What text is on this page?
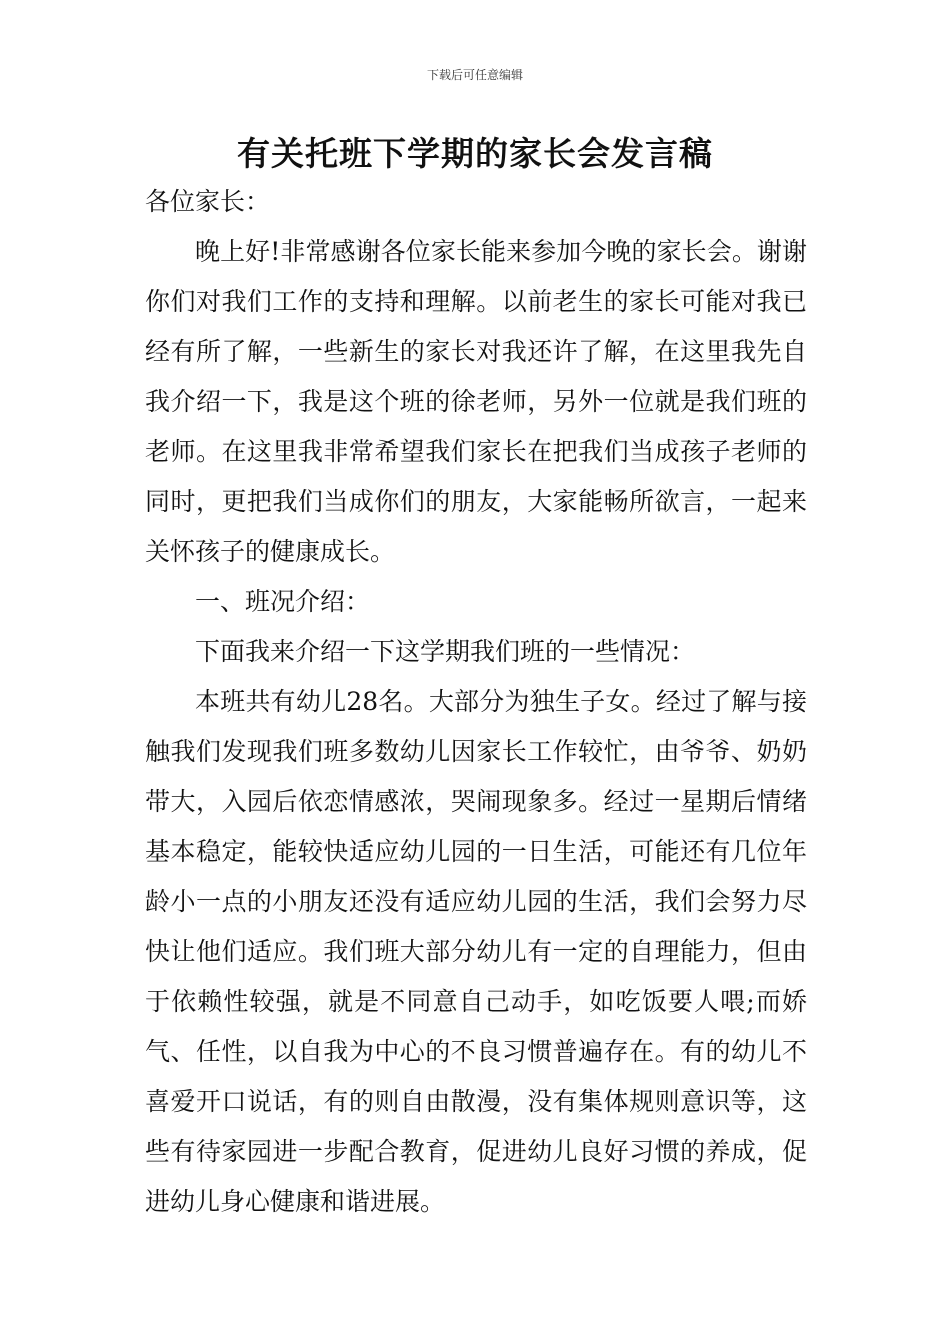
下载后可任意编辑
有关托班下学期的家长会发言稿

各位家长：

晚上好!非常感谢各位家长能来参加今晚的家长会。谢谢你们对我们工作的支持和理解。以前老生的家长可能对我已经有所了解，一些新生的家长对我还许了解，在这里我先自我介绍一下，我是这个班的徐老师，另外一位就是我们班的老师。在这里我非常希望我们家长在把我们当成孩子老师的同时，更把我们当成你们的朋友，大家能畅所欲言，一起来关怀孩子的健康成长。

一、班况介绍：

下面我来介绍一下这学期我们班的一些情况：

本班共有幼儿28名。大部分为独生子女。经过了解与接触我们发现我们班多数幼儿因家长工作较忙，由爷爷、奶奶带大，入园后依恋情感浓，哭闹现象多。经过一星期后情绪基本稳定，能较快适应幼儿园的一日生活，可能还有几位年龄小一点的小朋友还没有适应幼儿园的生活，我们会努力尽快让他们适应。我们班大部分幼儿有一定的自理能力，但由于依赖性较强，就是不同意自己动手，如吃饭要人喂;而娇气、任性，以自我为中心的不良习惯普遍存在。有的幼儿不喜爱开口说话，有的则自由散漫，没有集体规则意识等，这些有待家园进一步配合教育，促进幼儿良好习惯的养成，促进幼儿身心健康和谐进展。
